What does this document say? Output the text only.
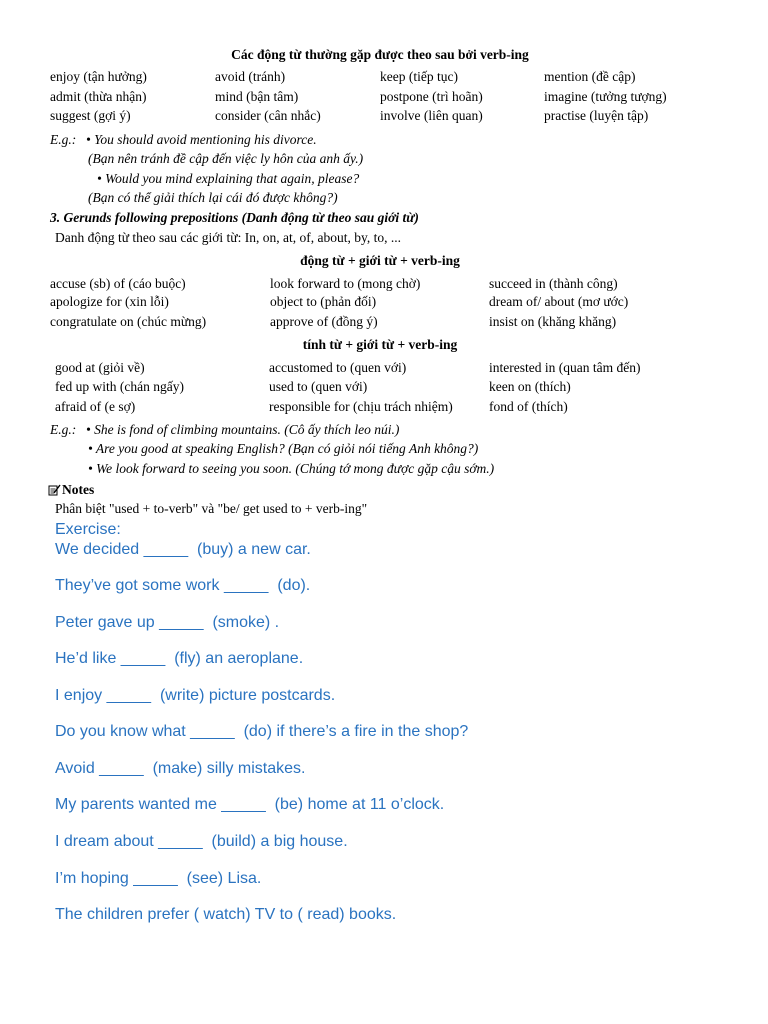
Các động từ thường gặp được theo sau bởi verb-ing
enjoy (tận hưởng)	avoid (tránh)	keep (tiếp tục)	mention (đề cập)
admit (thừa nhận)	mind (bận tâm)	postpone (trì hoãn)	imagine (tưởng tượng)
suggest (gợi ý)	consider (cân nhắc)	involve (liên quan)	practise (luyện tập)
E.g.: • You should avoid mentioning his divorce.
(Bạn nên tránh đề cập đến việc ly hôn của anh ấy.)
• Would you mind explaining that again, please?
(Bạn có thể giải thích lại cái đó được không?)
3. Gerunds following prepositions (Danh động từ theo sau giới từ)
Danh động từ theo sau các giới từ: In, on, at, of, about, by, to, ...
động từ + giới từ + verb-ing
accuse (sb) of (cáo buộc)	look forward to (mong chờ)	succeed in (thành công)
apologize for (xin lỗi)	object to (phản đối)	dream of/ about (mơ ước)
congratulate on (chúc mừng)	approve of (đồng ý)	insist on (khăng khăng)
tính từ + giới từ + verb-ing
good at (giỏi về)	accustomed to (quen với)	interested in (quan tâm đến)
fed up with (chán ngấy)	used to (quen với)	keen on (thích)
afraid of (e sợ)	responsible for (chịu trách nhiệm)	fond of (thích)
E.g.: • She is fond of climbing mountains. (Cô ấy thích leo núi.)
• Are you good at speaking English? (Bạn có giỏi nói tiếng Anh không?)
• We look forward to seeing you soon. (Chúng tớ mong được gặp cậu sớm.)
Notes
Phân biệt "used + to-verb" và "be/ get used to + verb-ing"
Exercise:
We decided _____  (buy) a new car.
They’ve got some work _____  (do).
Peter gave up _____  (smoke) .
He’d like _____  (fly) an aeroplane.
I enjoy _____  (write) picture postcards.
Do you know what _____  (do) if there’s a fire in the shop?
Avoid _____  (make) silly mistakes.
My parents wanted me _____  (be) home at 11 o’clock.
I dream about _____  (build) a big house.
I’m hoping _____  (see) Lisa.
The children prefer ( watch) TV to ( read) books.
